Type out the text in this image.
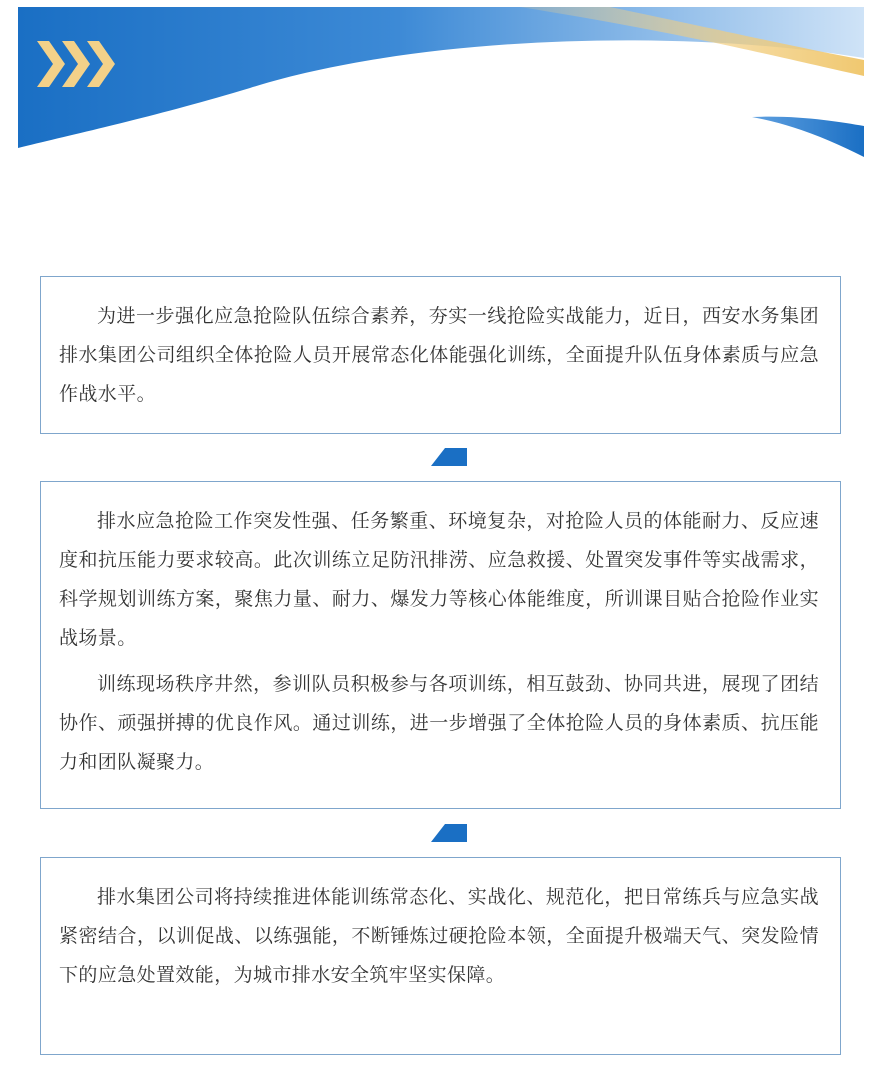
为进一步强化应急抢险队伍综合素养，夯实一线抢险实战能力，近日，西安水务集团排水集团公司组织全体抢险人员开展常态化体能强化训练，全面提升队伍身体素质与应急作战水平。

排水应急抢险工作突发性强、任务繁重、环境复杂，对抢险人员的体能耐力、反应速度和抗压能力要求较高。此次训练立足防汛排涝、应急救援、处置突发事件等实战需求，科学规划训练方案，聚焦力量、耐力、爆发力等核心体能维度，所训课目贴合抢险作业实战场景。

训练现场秩序井然，参训队员积极参与各项训练，相互鼓劲、协同共进，展现了团结协作、顽强拼搏的优良作风。通过训练，进一步增强了全体抢险人员的身体素质、抗压能力和团队凝聚力。

排水集团公司将持续推进体能训练常态化、实战化、规范化，把日常练兵与应急实战紧密结合，以训促战、以练强能，不断锤炼过硬抢险本领，全面提升极端天气、突发险情下的应急处置效能，为城市排水安全筑牢坚实保障。
